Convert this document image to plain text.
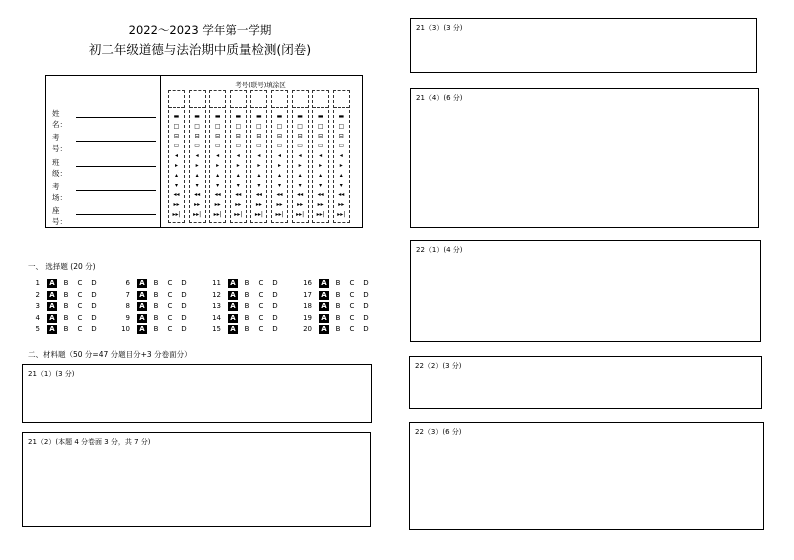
2022～2023 学年第一学期
初二年级道德与法治期中质量检测(闭卷)
姓名：
考号：
班级：
考场：
座号：
考号(联号)填涂区
▬
□
⊟
▭
◂
▸
▴
▾
◂◂
▸▸
▸▸|
▬
□
⊟
▭
◂
▸
▴
▾
◂◂
▸▸
▸▸|
▬
□
⊟
▭
◂
▸
▴
▾
◂◂
▸▸
▸▸|
▬
□
⊟
▭
◂
▸
▴
▾
◂◂
▸▸
▸▸|
▬
□
⊟
▭
◂
▸
▴
▾
◂◂
▸▸
▸▸|
▬
□
⊟
▭
◂
▸
▴
▾
◂◂
▸▸
▸▸|
▬
□
⊟
▭
◂
▸
▴
▾
◂◂
▸▸
▸▸|
▬
□
⊟
▭
◂
▸
▴
▾
◂◂
▸▸
▸▸|
▬
□
⊟
▭
◂
▸
▴
▾
◂◂
▸▸
▸▸|
一、 选择题 (20 分)
1	A	B	C	D
2	A	B	C	D
3	A	B	C	D
4	A	B	C	D
5	A	B	C	D
6	A	B	C	D
7	A	B	C	D
8	A	B	C	D
9	A	B	C	D
10	A	B	C	D
11	A	B	C	D
12	A	B	C	D
13	A	B	C	D
14	A	B	C	D
15	A	B	C	D
16	A	B	C	D
17	A	B	C	D
18	A	B	C	D
19	A	B	C	D
20	A	B	C	D
二、材料题（50 分=47 分题目分+3 分卷面分）
21（1）(3 分)
21（2）(本题 4 分卷面 3 分，共 7 分)
21（3）(3 分)
21（4）(6 分)
22（1）(4 分)
22（2）(3 分)
22（3）(6 分)
